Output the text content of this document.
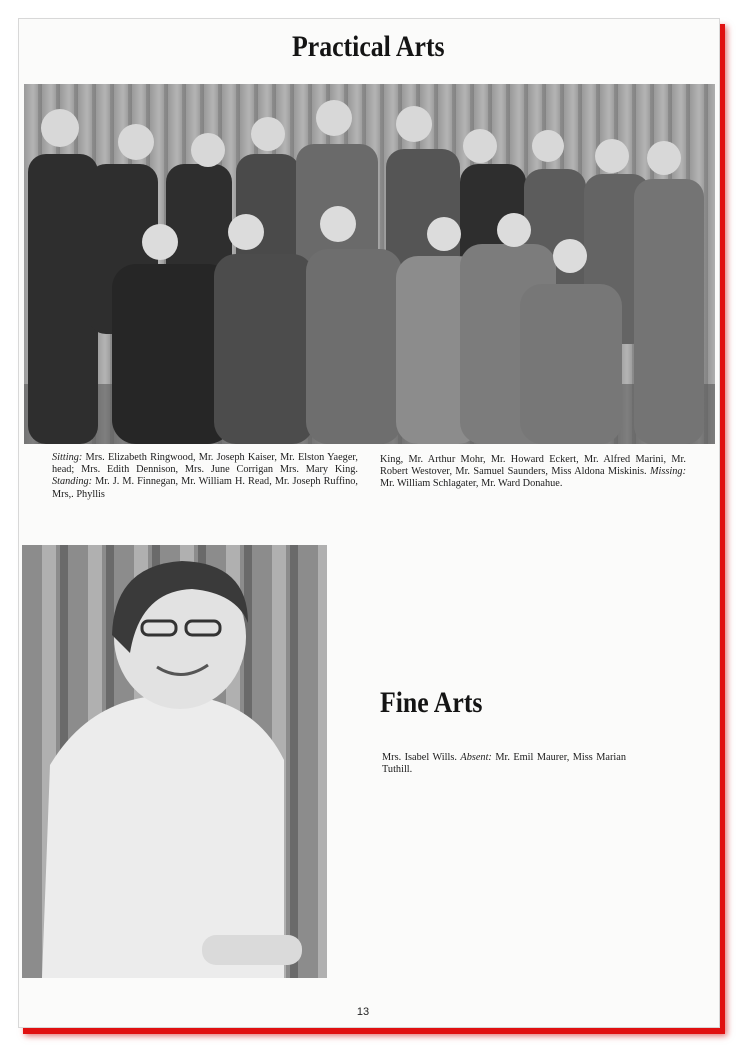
Practical Arts
Sitting: Mrs. Elizabeth Ringwood, Mr. Joseph Kaiser, Mr. Elston Yaeger, head; Mrs. Edith Dennison, Mrs. June Corrigan Mrs. Mary King. Standing: Mr. J. M. Finnegan, Mr. William H. Read, Mr. Joseph Ruffino, Mrs,. Phyllis
King, Mr. Arthur Mohr, Mr. Howard Eckert, Mr. Alfred Marini, Mr. Robert Westover, Mr. Samuel Saunders, Miss Aldona Miskinis. Missing: Mr. William Schlagater, Mr. Ward Donahue.
Fine Arts
Mrs. Isabel Wills. Absent: Mr. Emil Maurer, Miss Marian Tuthill.
13
